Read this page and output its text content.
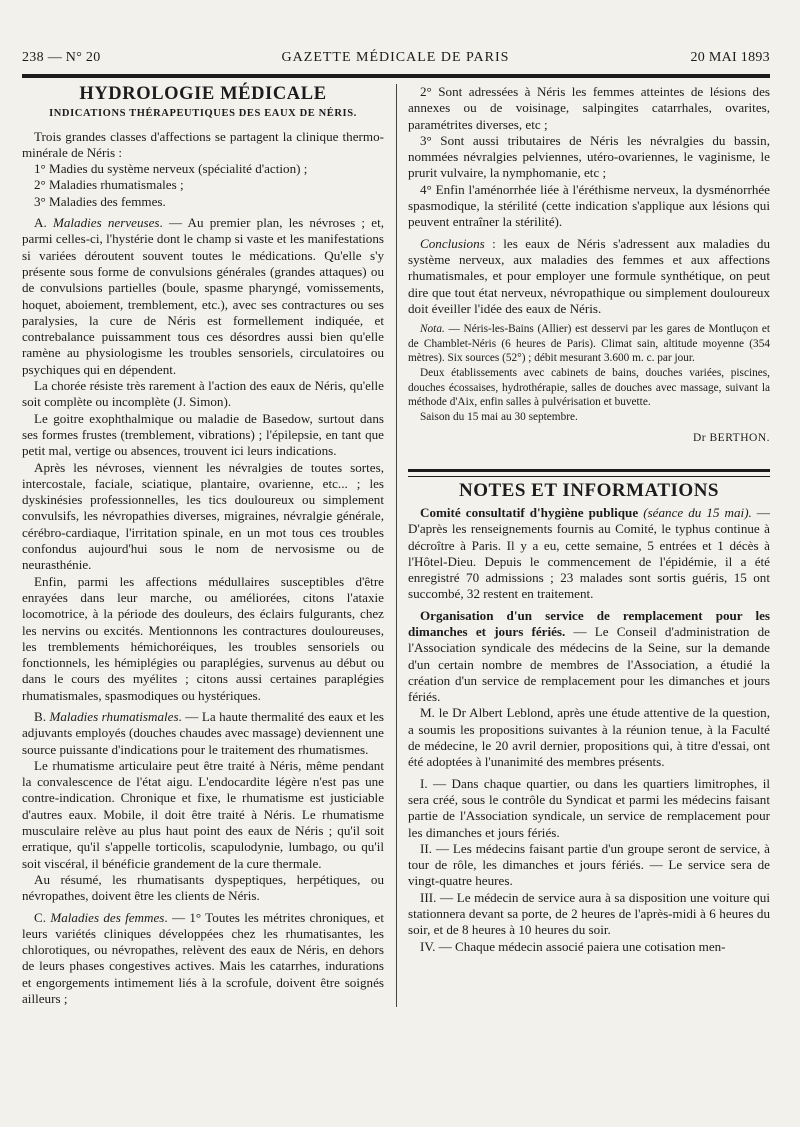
238 — N° 20	GAZETTE MÉDICALE DE PARIS	20 MAI 1893
HYDROLOGIE MÉDICALE
INDICATIONS THÉRAPEUTIQUES DES EAUX DE NÉRIS.

Trois grandes classes d'affections se partagent la clinique thermo-minérale de Néris :

1° Madies du système nerveux (spécialité d'action) ;

2° Maladies rhumatismales ;

3° Maladies des femmes.

A. Maladies nerveuses. — Au premier plan, les névroses ; et, parmi celles-ci, l'hystérie dont le champ si vaste et les manifestations si variées déroutent souvent toutes le médications. Qu'elle s'y présente sous forme de convulsions générales (grandes attaques) ou de convulsions partielles (boule, spasme pharyngé, vomissements, hoquet, aboiement, tremblement, etc.), avec ses contractures ou ses paralysies, la cure de Néris est formellement indiquée, et contrebalance puissamment tous ces désordres aussi bien qu'elle ramène au physiologisme les troubles sensoriels, circulatoires ou psychiques qui en dépendent.

La chorée résiste très rarement à l'action des eaux de Néris, qu'elle soit complète ou incomplète (J. Simon).

Le goitre exophthalmique ou maladie de Basedow, surtout dans ses formes frustes (tremblement, vibrations) ; l'épilepsie, en tant que petit mal, vertige ou absences, trouvent ici leurs indications.

Après les névroses, viennent les névralgies de toutes sortes, intercostale, faciale, sciatique, plantaire, ovarienne, etc... ; les dyskinésies professionnelles, les tics douloureux ou simplement convulsifs, les névropathies diverses, migraines, névralgie générale, cérébro-cardiaque, l'irritation spinale, en un mot tous ces troubles confondus aujourd'hui sous le nom de nervosisme ou de neurasthénie.

Enfin, parmi les affections médullaires susceptibles d'être enrayées dans leur marche, ou améliorées, citons l'ataxie locomotrice, à la période des douleurs, des éclairs fulgurants, chez les nervins ou excités. Mentionnons les contractures douloureuses, les tremblements hémichoréiques, les troubles sensoriels ou fonctionnels, les hémiplégies ou paraplégies, survenus au début ou dans le cours des myélites ; citons aussi certaines paraplégies rhumatismales, spasmodiques ou hystériques.

B. Maladies rhumatismales. — La haute thermalité des eaux et les adjuvants employés (douches chaudes avec massage) deviennent une source puissante d'indications pour le traitement des rhumatismes.

Le rhumatisme articulaire peut être traité à Néris, même pendant la convalescence de l'état aigu. L'endocardite légère n'est pas une contre-indication. Chronique et fixe, le rhumatisme est justiciable d'autres eaux. Mobile, il doit être traité à Néris. Le rhumatisme musculaire relève au plus haut point des eaux de Néris ; qu'il soit erratique, qu'il s'appelle torticolis, scapulodynie, lumbago, ou qu'il soit viscéral, il bénéficie grandement de la cure thermale.

Au résumé, les rhumatisants dyspeptiques, herpétiques, ou névropathes, doivent être les clients de Néris.

C. Maladies des femmes. — 1° Toutes les métrites chroniques, et leurs variétés cliniques développées chez les rhumatisantes, les chlorotiques, ou névropathes, relèvent des eaux de Néris, en dehors de leurs phases congestives actives. Mais les catarrhes, indurations et engorgements intimement liés à la scrofule, doivent être soignés ailleurs ;

2° Sont adressées à Néris les femmes atteintes de lésions des annexes ou de voisinage, salpingites catarrhales, ovarites, paramétrites diverses, etc ;

3° Sont aussi tributaires de Néris les névralgies du bassin, nommées névralgies pelviennes, utéro-ovariennes, le vaginisme, le prurit vulvaire, la nymphomanie, etc ;

4° Enfin l'aménorrhée liée à l'éréthisme nerveux, la dysménorrhée spasmodique, la stérilité (cette indication s'applique aux lésions qui peuvent entraîner la stérilité).

Conclusions : les eaux de Néris s'adressent aux maladies du système nerveux, aux maladies des femmes et aux affections rhumatismales, et pour employer une formule synthétique, on peut dire que tout état nerveux, névropathique ou simplement douloureux doit éveiller l'idée des eaux de Néris.

Nota. — Néris-les-Bains (Allier) est desservi par les gares de Montluçon et de Chamblet-Néris (6 heures de Paris). Climat sain, altitude moyenne (354 mètres). Six sources (52°) ; débit mesurant 3.600 m. c. par jour.

Deux établissements avec cabinets de bains, douches variées, piscines, douches écossaises, hydrothérapie, salles de douches avec massage, suivant la méthode d'Aix, enfin salles à pulvérisation et buvette.

Saison du 15 mai au 30 septembre.

Dr BERTHON.
NOTES ET INFORMATIONS

Comité consultatif d'hygiène publique (séance du 15 mai). — D'après les renseignements fournis au Comité, le typhus continue à décroître à Paris. Il y a eu, cette semaine, 5 entrées et 1 décès à l'Hôtel-Dieu. Depuis le commencement de l'épidémie, il a été enregistré 70 admissions ; 23 malades sont sortis guéris, 15 ont succombé, 32 restent en traitement.

Organisation d'un service de remplacement pour les dimanches et jours fériés. — Le Conseil d'administration de l'Association syndicale des médecins de la Seine, sur la demande d'un certain nombre de membres de l'Association, a étudié la création d'un service de remplacement pour les dimanches et jours fériés.

M. le Dr Albert Leblond, après une étude attentive de la question, a soumis les propositions suivantes à la réunion tenue, à la Faculté de médecine, le 20 avril dernier, propositions qui, à titre d'essai, ont été adoptées à l'unanimité des membres présents.

I. — Dans chaque quartier, ou dans les quartiers limitrophes, il sera créé, sous le contrôle du Syndicat et parmi les médecins faisant partie de l'Association syndicale, un service de remplacement pour les dimanches et jours fériés.

II. — Les médecins faisant partie d'un groupe seront de service, à tour de rôle, les dimanches et jours fériés. — Le service sera de vingt-quatre heures.

III. — Le médecin de service aura à sa disposition une voiture qui stationnera devant sa porte, de 2 heures de l'après-midi à 6 heures du soir, et de 8 heures à 10 heures du soir.

IV. — Chaque médecin associé paiera une cotisation men-
